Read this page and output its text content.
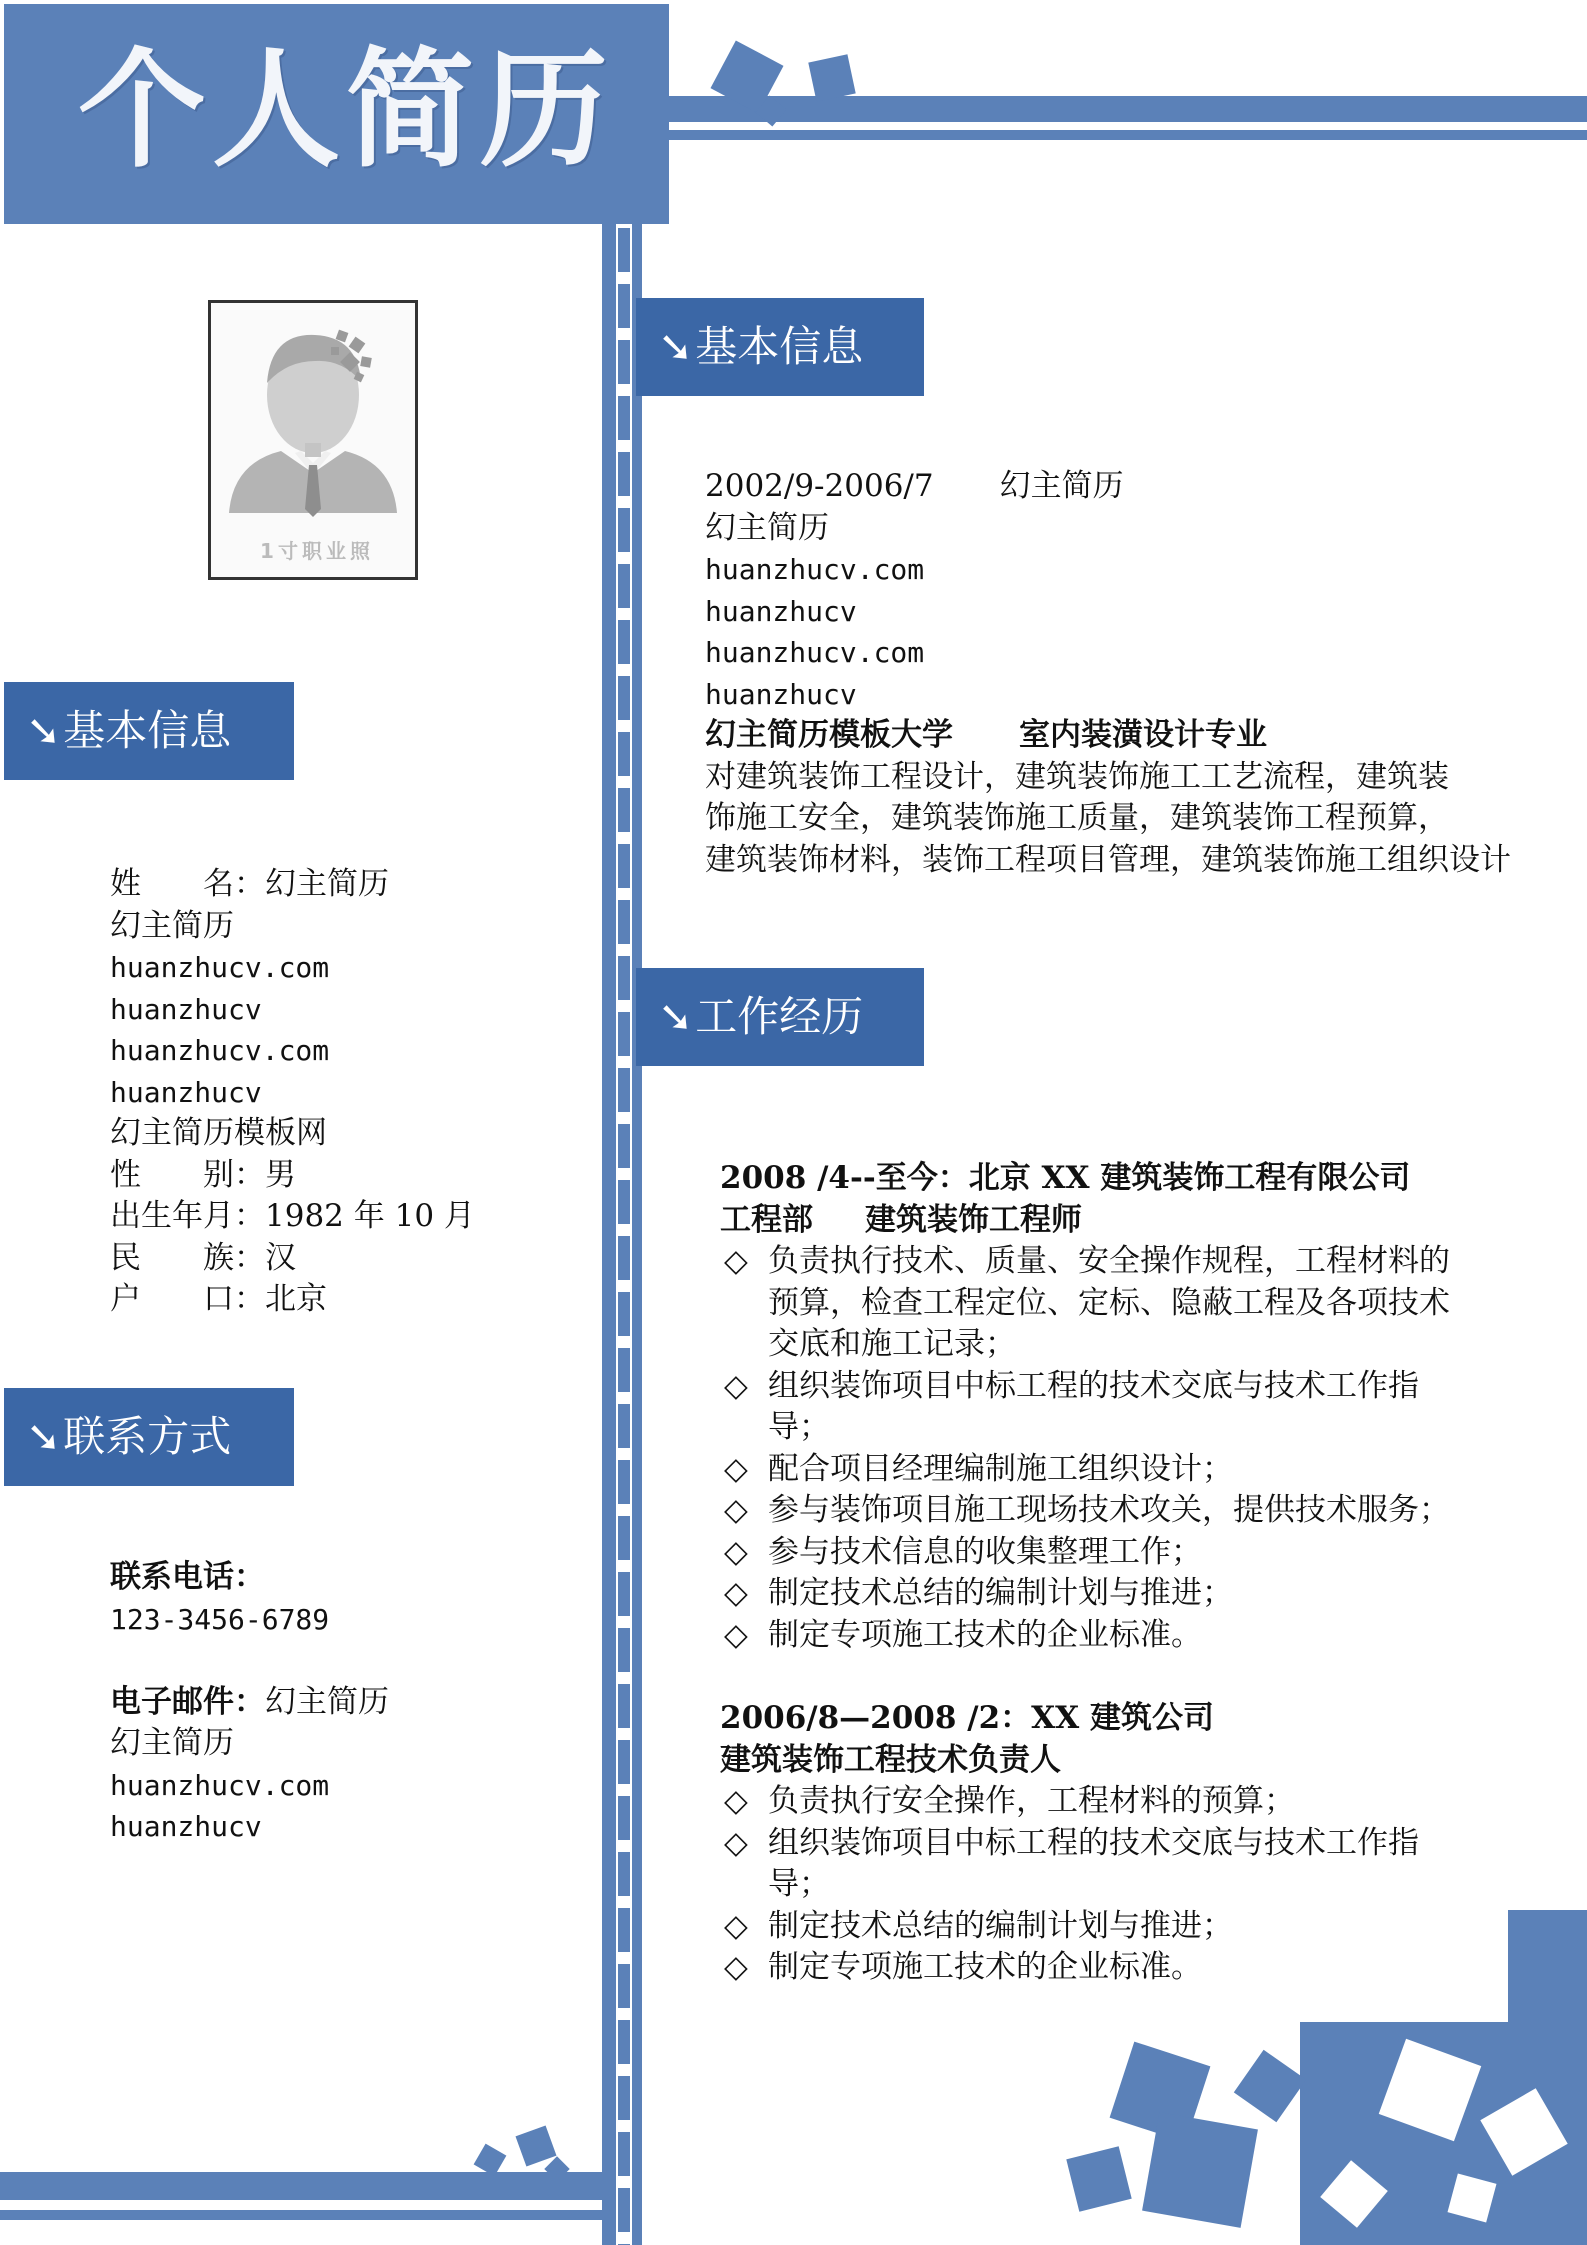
个人简历
1寸职业照
➘基本信息
姓　　名：幻主简历
幻主简历
huanzhucv.com
huanzhucv
huanzhucv.com
huanzhucv
幻主简历模板网
性　　别：男
出生年月：1982 年 10 月
民　　族：汉
户　　口：北京
➘联系方式
联系电话：
123-3456-6789
电子邮件：幻主简历
幻主简历
huanzhucv.com
huanzhucv
➘基本信息
2002/9-2006/7 幻主简历
幻主简历
huanzhucv.com
huanzhucv
huanzhucv.com
huanzhucv
幻主简历模板大学 室内装潢设计专业
对建筑装饰工程设计，建筑装饰施工工艺流程，建筑装
饰施工安全，建筑装饰施工质量，建筑装饰工程预算，
建筑装饰材料，装饰工程项目管理，建筑装饰施工组织设计
➘工作经历
2008 /4--至今：北京 XX 建筑装饰工程有限公司
工程部 建筑装饰工程师
◇ 负责执行技术、质量、安全操作规程，工程材料的
预算，检查工程定位、定标、隐蔽工程及各项技术
交底和施工记录；
◇ 组织装饰项目中标工程的技术交底与技术工作指
导；
◇ 配合项目经理编制施工组织设计；
◇ 参与装饰项目施工现场技术攻关，提供技术服务；
◇ 参与技术信息的收集整理工作；
◇ 制定技术总结的编制计划与推进；
◇ 制定专项施工技术的企业标准。
2006/8—2008 /2：XX 建筑公司
建筑装饰工程技术负责人
◇ 负责执行安全操作，工程材料的预算；
◇ 组织装饰项目中标工程的技术交底与技术工作指
导；
◇ 制定技术总结的编制计划与推进；
◇ 制定专项施工技术的企业标准。
